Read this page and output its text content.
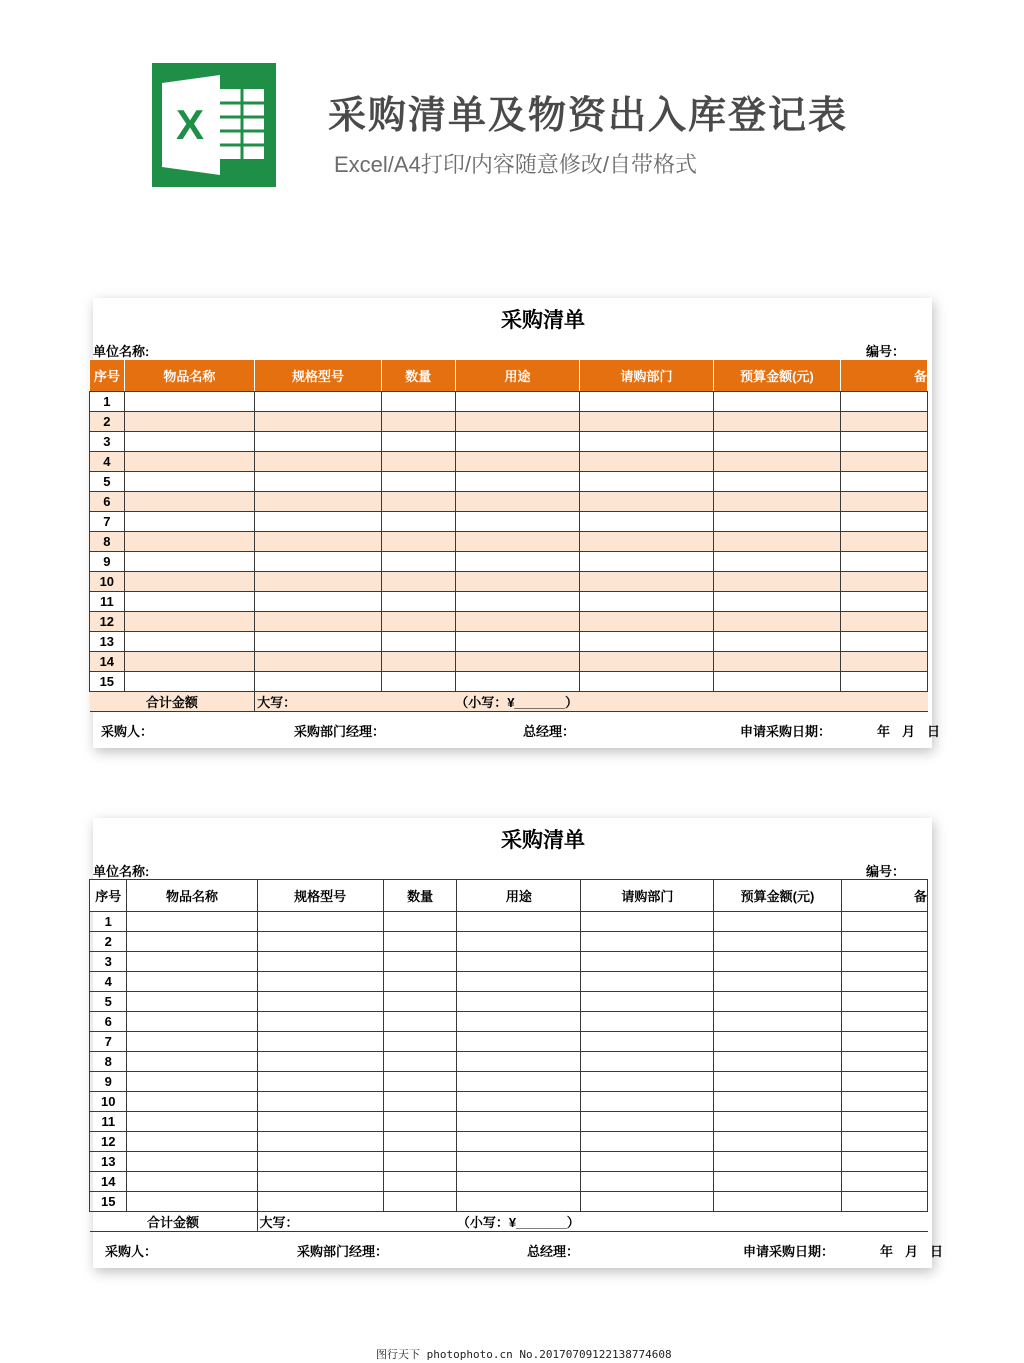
X	采购清单及物资出入库登记表
Excel/A4打印/内容随意修改/自带格式
采购清单
单位名称:	编号：
序号	物品名称	规格型号	数量	用途	请购部门	预算金额(元)	备
1							
2							
3							
4							
5							
6							
7							
8							
9							
10							
11							
12							
13							
14							
15							
合计金额		大写：		（小写：¥_______）			
采购人：	采购部门经理：	总经理：	申请采购日期：	年 月 日
采购清单
单位名称:	编号：
序号	物品名称	规格型号	数量	用途	请购部门	预算金额(元)	备
1							
2							
3							
4							
5							
6							
7							
8							
9							
10							
11							
12							
13							
14							
15							
合计金额		大写：		（小写：¥_______）			
采购人：	采购部门经理：	总经理：	申请采购日期：	年 月 日
图行天下 photophoto.cn No.20170709122138774608
